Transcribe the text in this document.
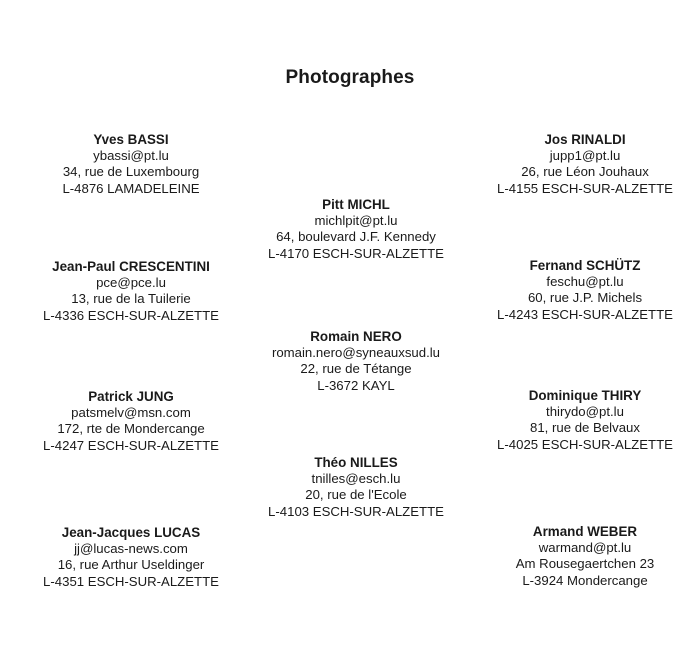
Photographes
Yves BASSI
ybassi@pt.lu
34, rue de Luxembourg
L-4876 LAMADELEINE
Pitt MICHL
michlpit@pt.lu
64, boulevard J.F. Kennedy
L-4170 ESCH-SUR-ALZETTE
Jos RINALDI
jupp1@pt.lu
26, rue Léon Jouhaux
L-4155 ESCH-SUR-ALZETTE
Jean-Paul CRESCENTINI
pce@pce.lu
13, rue de la Tuilerie
L-4336 ESCH-SUR-ALZETTE
Fernand SCHÜTZ
feschu@pt.lu
60, rue J.P. Michels
L-4243 ESCH-SUR-ALZETTE
Romain NERO
romain.nero@syneauxsud.lu
22, rue de Tétange
L-3672 KAYL
Patrick JUNG
patsmelv@msn.com
172, rte de Mondercange
L-4247 ESCH-SUR-ALZETTE
Dominique THIRY
thirydo@pt.lu
81, rue de Belvaux
L-4025 ESCH-SUR-ALZETTE
Théo NILLES
tnilles@esch.lu
20, rue de l'Ecole
L-4103 ESCH-SUR-ALZETTE
Jean-Jacques LUCAS
jj@lucas-news.com
16, rue Arthur Useldinger
L-4351 ESCH-SUR-ALZETTE
Armand WEBER
warmand@pt.lu
Am Rousegaertchen 23
L-3924 Mondercange
